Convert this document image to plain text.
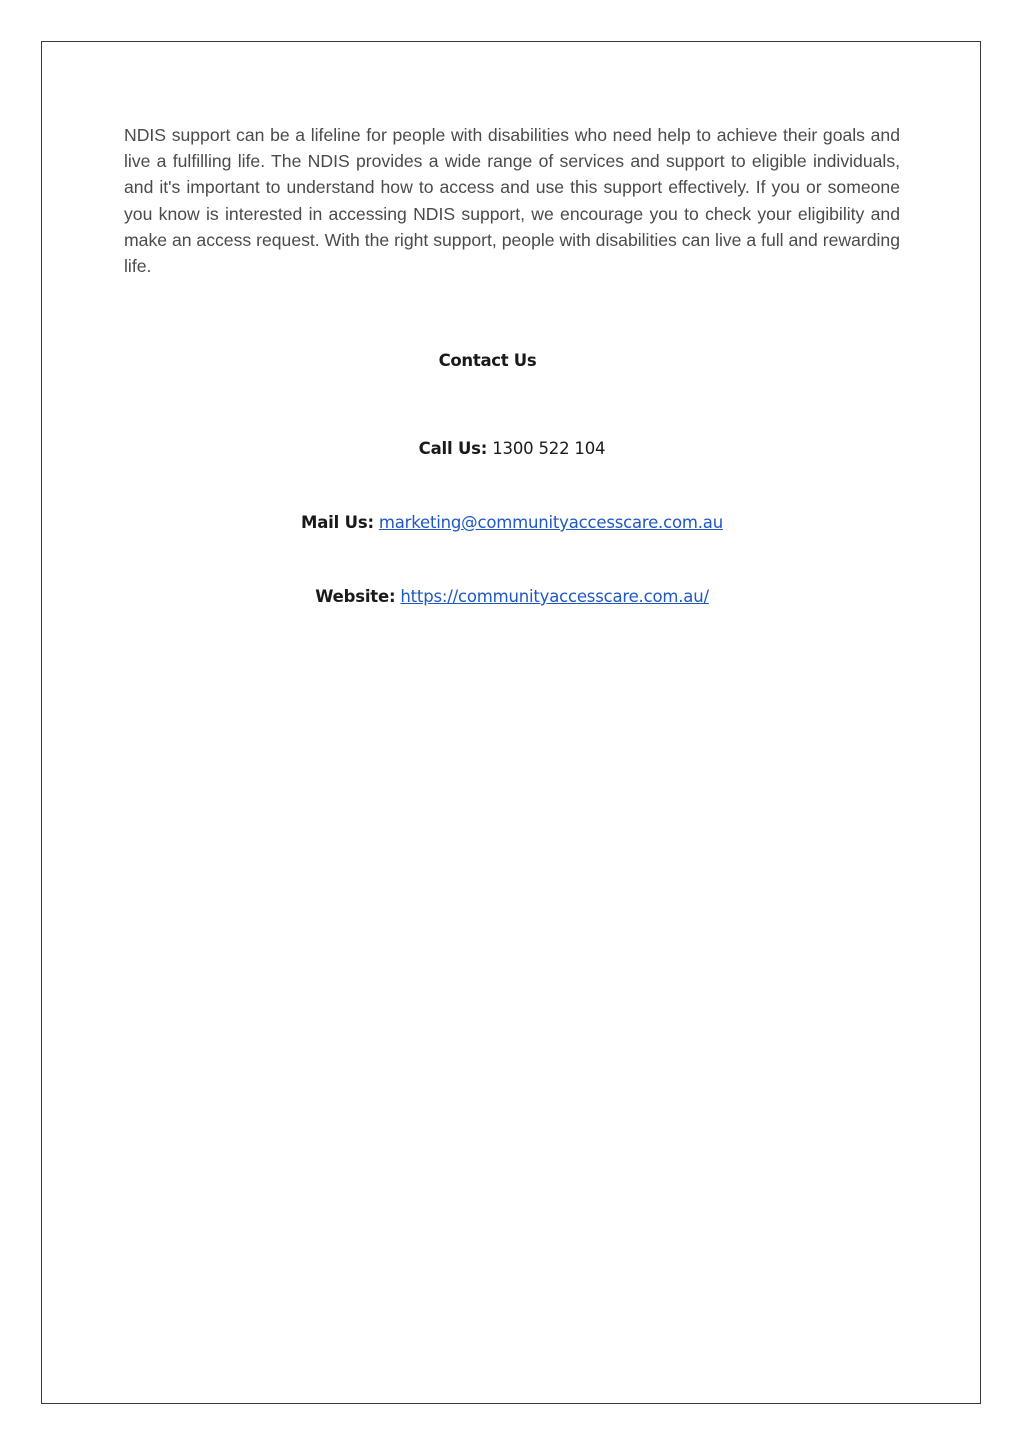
NDIS support can be a lifeline for people with disabilities who need help to achieve their goals and live a fulfilling life. The NDIS provides a wide range of services and support to eligible individuals, and it's important to understand how to access and use this support effectively. If you or someone you know is interested in accessing NDIS support, we encourage you to check your eligibility and make an access request. With the right support, people with disabilities can live a full and rewarding life.

Contact Us
Call Us: 1300 522 104
Mail Us: marketing@communityaccesscare.com.au
Website: https://communityaccesscare.com.au/
